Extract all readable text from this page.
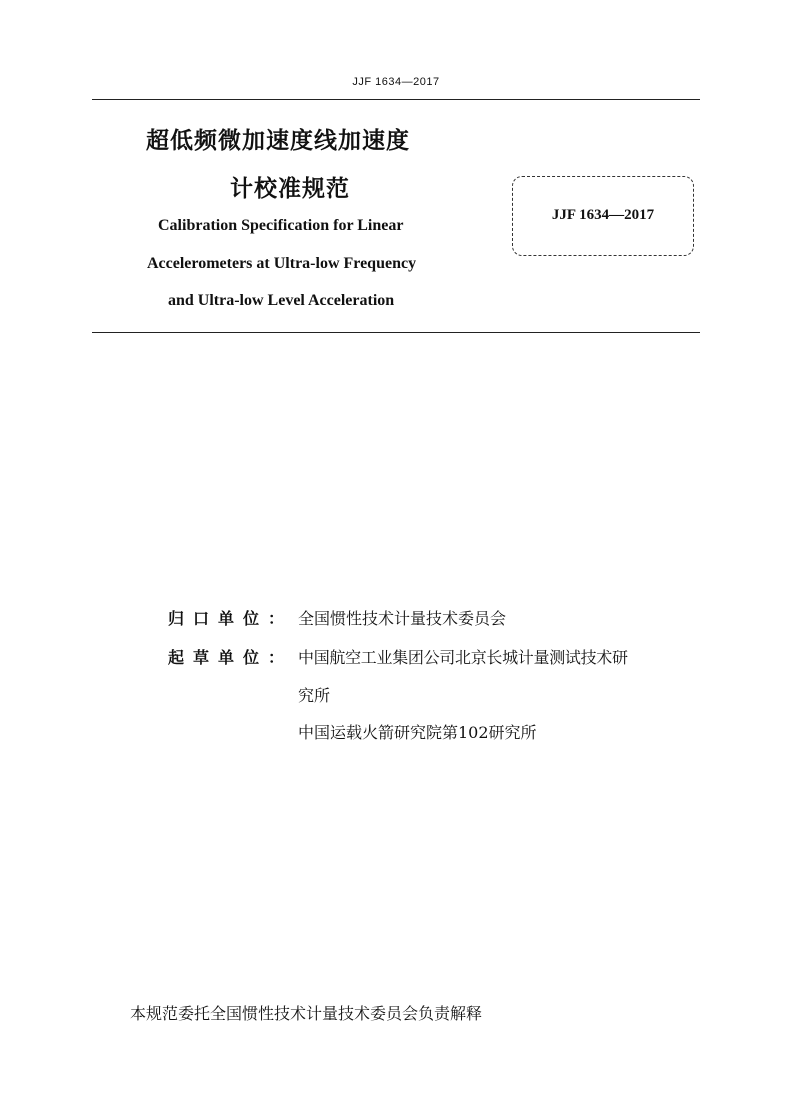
JJF 1634—2017
超低频微加速度线加速度
计校准规范
Calibration Specification for Linear
Accelerometers at Ultra-low Frequency
and Ultra-low Level Acceleration
JJF 1634—2017
归口单位： 全国惯性技术计量技术委员会
起草单位： 中国航空工业集团公司北京长城计量测试技术研
究所
中国运载火箭研究院第102研究所
本规范委托全国惯性技术计量技术委员会负责解释
